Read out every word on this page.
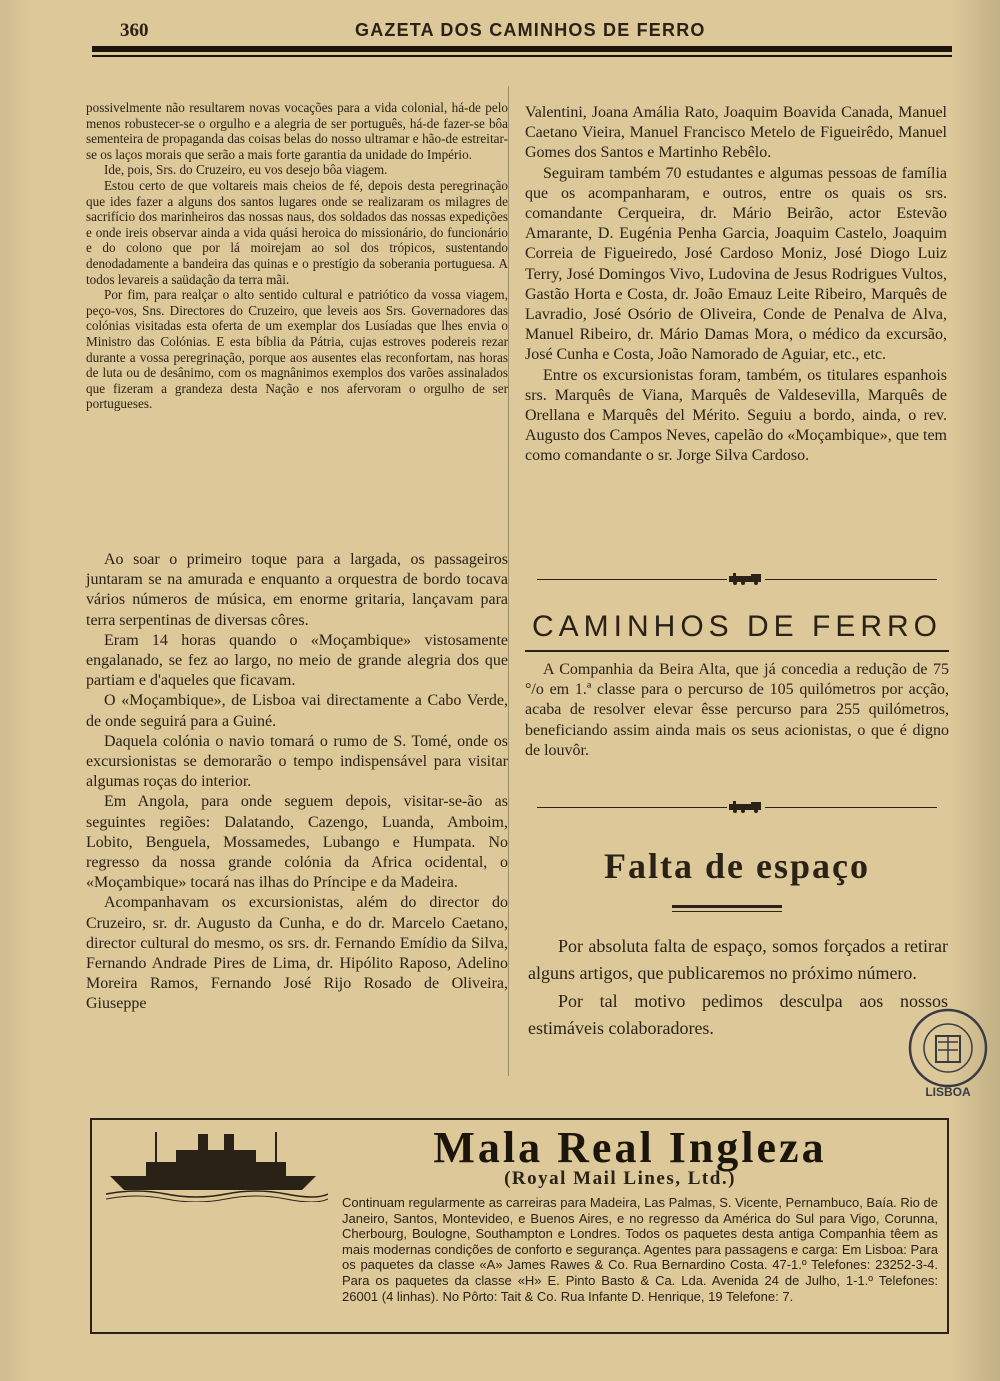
360	GAZETA DOS CAMINHOS DE FERRO

possivelmente não resultarem novas vocações para a vida colonial, há-de pelo menos robustecer-se o orgulho e a alegria de ser português, há-de fazer-se bôa sementeira de propaganda das coisas belas do nosso ultramar e hão-de estreitar-se os laços morais que serão a mais forte garantia da unidade do Império.

Ide, pois, Srs. do Cruzeiro, eu vos desejo bôa viagem.

Estou certo de que voltareis mais cheios de fé, depois desta peregrinação que ides fazer a alguns dos santos lugares onde se realizaram os milagres de sacrifício dos marinheiros das nossas naus, dos soldados das nossas expedições e onde ireis observar ainda a vida quási heroica do missionário, do funcionário e do colono que por lá moirejam ao sol dos trópicos, sustentando denodadamente a bandeira das quinas e o prestígio da soberania portuguesa. A todos levareis a saüdação da terra mãi.

Por fim, para realçar o alto sentido cultural e patriótico da vossa viagem, peço-vos, Sns. Directores do Cruzeiro, que leveis aos Srs. Governadores das colónias visitadas esta oferta de um exemplar dos Lusíadas que lhes envia o Ministro das Colónias. E esta bíblia da Pátria, cujas estroves podereis rezar durante a vossa peregrinação, porque aos ausentes elas reconfortam, nas horas de luta ou de desânimo, com os magnânimos exemplos dos varões assinalados que fizeram a grandeza desta Nação e nos afervoram o orgulho de ser portugueses.

Ao soar o primeiro toque para a largada, os passageiros juntaram se na amurada e enquanto a orquestra de bordo tocava vários números de música, em enorme gritaria, lançavam para terra serpentinas de diversas côres.

Eram 14 horas quando o «Moçambique» vistosamente engalanado, se fez ao largo, no meio de grande alegria dos que partiam e d'aqueles que ficavam.

O «Moçambique», de Lisboa vai directamente a Cabo Verde, de onde seguirá para a Guiné.

Daquela colónia o navio tomará o rumo de S. Tomé, onde os excursionistas se demorarão o tempo indispensável para visitar algumas roças do interior.

Em Angola, para onde seguem depois, visitar-se-ão as seguintes regiões: Dalatando, Cazengo, Luanda, Amboim, Lobito, Benguela, Mossamedes, Lubango e Humpata. No regresso da nossa grande colónia da Africa ocidental, o «Moçambique» tocará nas ilhas do Príncipe e da Madeira.

Acompanhavam os excursionistas, além do director do Cruzeiro, sr. dr. Augusto da Cunha, e do dr. Marcelo Caetano, director cultural do mesmo, os srs. dr. Fernando Emídio da Silva, Fernando Andrade Pires de Lima, dr. Hipólito Raposo, Adelino Moreira Ramos, Fernando José Rijo Rosado de Oliveira, Giuseppe

Valentini, Joana Amália Rato, Joaquim Boavida Canada, Manuel Caetano Vieira, Manuel Francisco Metelo de Figueirêdo, Manuel Gomes dos Santos e Martinho Rebêlo.

Seguiram também 70 estudantes e algumas pessoas de família que os acompanharam, e outros, entre os quais os srs. comandante Cerqueira, dr. Mário Beirão, actor Estevão Amarante, D. Eugénia Penha Garcia, Joaquim Castelo, Joaquim Correia de Figueiredo, José Cardoso Moniz, José Diogo Luiz Terry, José Domingos Vivo, Ludovina de Jesus Rodrigues Vultos, Gastão Horta e Costa, dr. João Emauz Leite Ribeiro, Marquês de Lavradio, José Osório de Oliveira, Conde de Penalva de Alva, Manuel Ribeiro, dr. Mário Damas Mora, o médico da excursão, José Cunha e Costa, João Namorado de Aguiar, etc., etc.

Entre os excursionistas foram, também, os titulares espanhois srs. Marquês de Viana, Marquês de Valdesevilla, Marquês de Orellana e Marquês del Mérito. Seguiu a bordo, ainda, o rev. Augusto dos Campos Neves, capelão do «Moçambique», que tem como comandante o sr. Jorge Silva Cardoso.

CAMINHOS DE FERRO

A Companhia da Beira Alta, que já concedia a redução de 75 °/o em 1.ª classe para o percurso de 105 quilómetros por acção, acaba de resolver elevar êsse percurso para 255 quilómetros, beneficiando assim ainda mais os seus acionistas, o que é digno de louvôr.

Falta de espaço

Por absoluta falta de espaço, somos forçados a retirar alguns artigos, que publicaremos no próximo número.

Por tal motivo pedimos desculpa aos nossos estimáveis colaboradores.

LISBOA
Mala Real Ingleza
(Royal Mail Lines, Ltd.)
Continuam regularmente as carreiras para Madeira, Las Palmas, S. Vicente, Pernambuco, Baía. Rio de Janeiro, Santos, Montevideo, e Buenos Aires, e no regresso da América do Sul para Vigo, Corunna, Cherbourg, Boulogne, Southampton e Londres. Todos os paquetes desta antiga Companhia têem as mais modernas condições de conforto e segurança. Agentes para passagens e carga: Em Lisboa: Para os paquetes da classe «A» James Rawes & Co. Rua Bernardino Costa. 47-1.º Telefones: 23252-3-4. Para os paquetes da classe «H» E. Pinto Basto & Ca. Lda. Avenida 24 de Julho, 1-1.º Telefones: 26001 (4 linhas). No Pôrto: Tait & Co. Rua Infante D. Henrique, 19 Telefone: 7.
